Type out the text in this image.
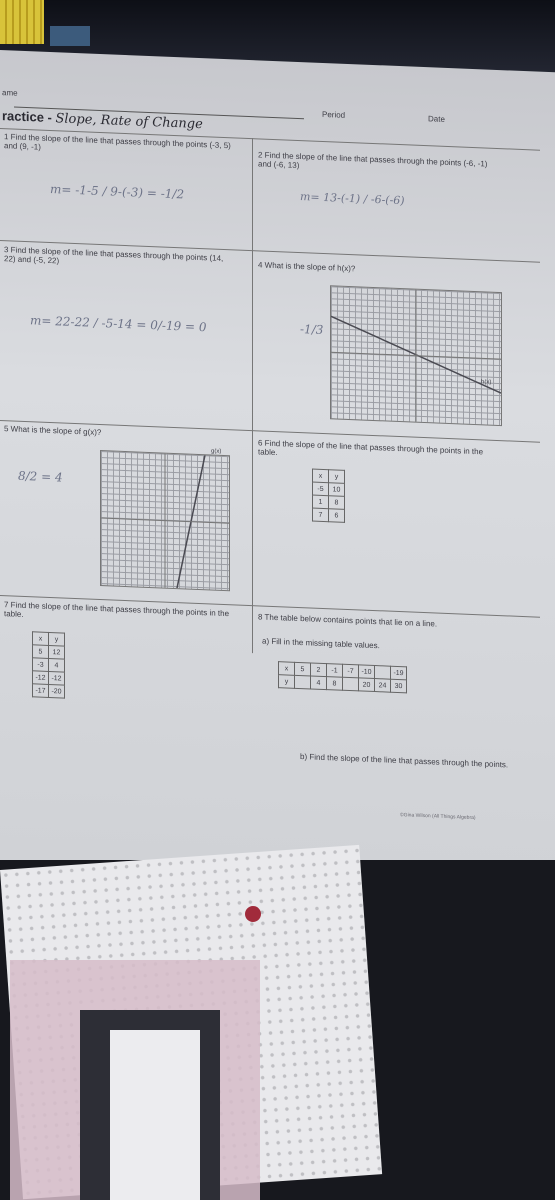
ame
Period	Date
ractice - Slope, Rate of Change
1 Find the slope of the line that passes through the points (-3, 5) and (9, -1)
m= -1-5 / 9-(-3) = -1/2
2 Find the slope of the line that passes through the points (-6, -1) and (-6, 13)
m= 13-(-1) / -6-(-6)
3 Find the slope of the line that passes through the points (14, 22) and (-5, 22)
m= 22-22 / -5-14 = 0/-19 = 0
4 What is the slope of h(x)?
-1/3
h(x)
5 What is the slope of g(x)?
8/2 = 4
g(x)	6 Find the slope of the line that passes through the points in the table.
x	y
-5	10
1	8
7	6
7 Find the slope of the line that passes through the points in the table.
x	y
5	12
-3	4
-12	-12
-17	-20
8 The table below contains points that lie on a line.
a) Fill in the missing table values.
x	5	2	-1	-7	-10		-19
y		4	8		20	24	30
b) Find the slope of the line that passes through the points.
©Gina Wilson (All Things Algebra)
